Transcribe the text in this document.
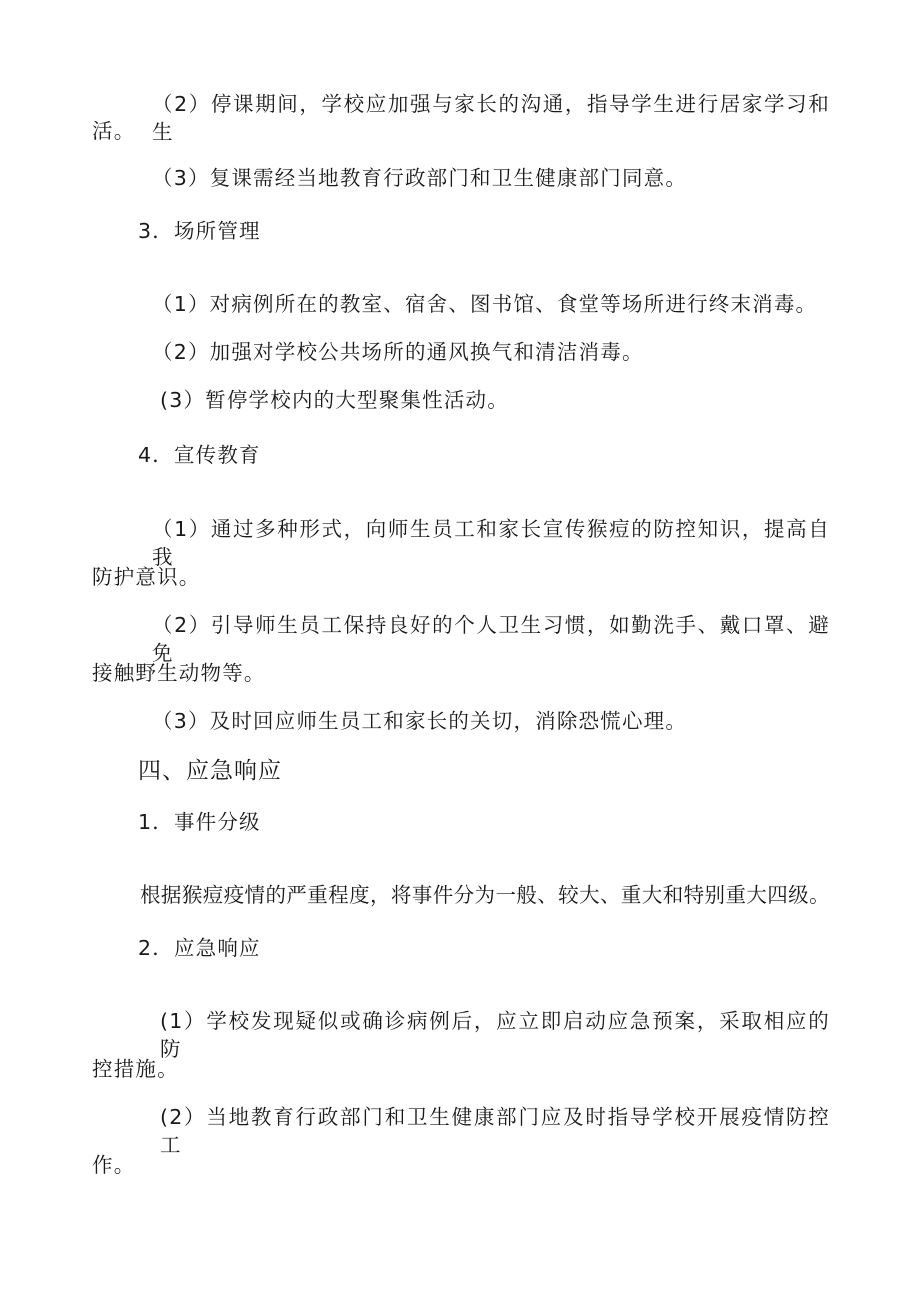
（2）停课期间，学校应加强与家长的沟通，指导学生进行居家学习和生
活。
（3）复课需经当地教育行政部门和卫生健康部门同意。
3．场所管理
（1）对病例所在的教室、宿舍、图书馆、食堂等场所进行终末消毒。
（2）加强对学校公共场所的通风换气和清洁消毒。
(3）暂停学校内的大型聚集性活动。
4．宣传教育
（1）通过多种形式，向师生员工和家长宣传猴痘的防控知识，提高自我
防护意识。
（2）引导师生员工保持良好的个人卫生习惯，如勤洗手、戴口罩、避免
接触野生动物等。
（3）及时回应师生员工和家长的关切，消除恐慌心理。
四、应急响应
1．事件分级
根据猴痘疫情的严重程度，将事件分为一般、较大、重大和特别重大四级。
2．应急响应
(1）学校发现疑似或确诊病例后，应立即启动应急预案，采取相应的防
控措施。
(2）当地教育行政部门和卫生健康部门应及时指导学校开展疫情防控工
作。
